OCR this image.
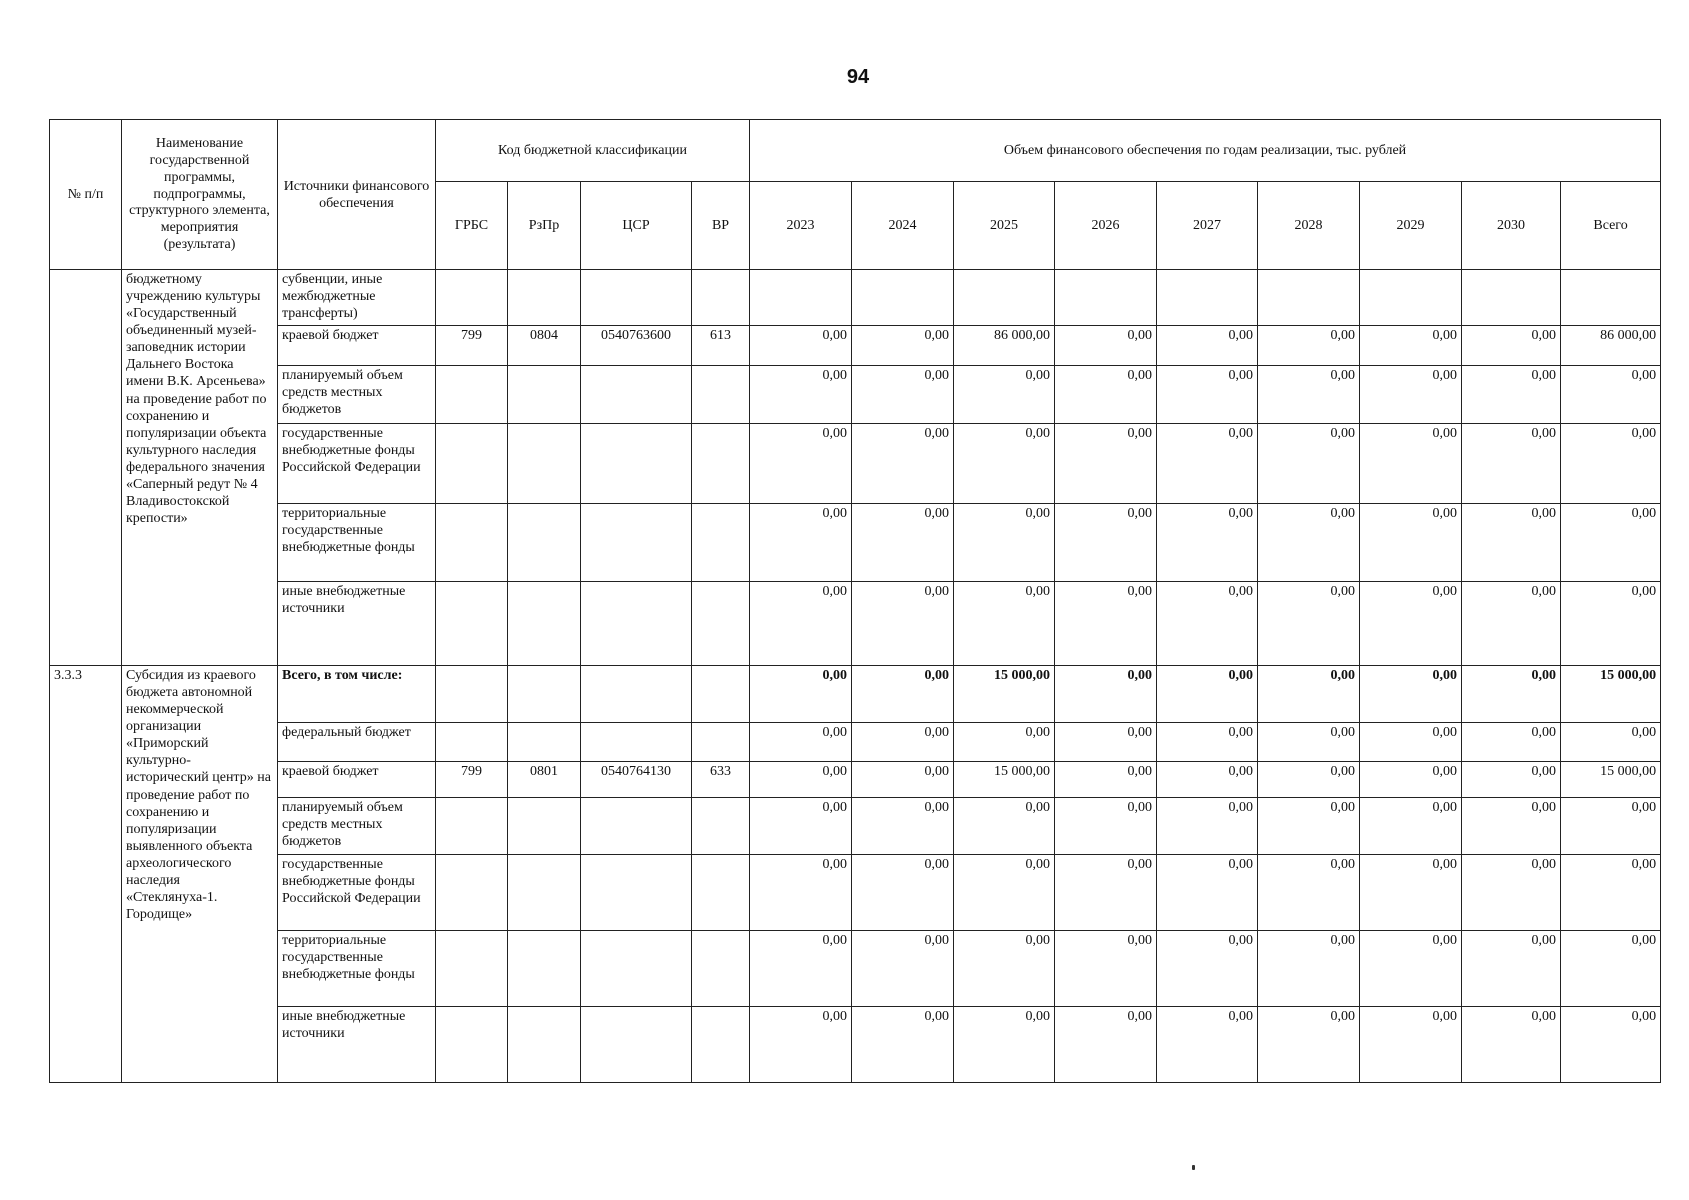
94
№ п/п	Наименование государственной программы, подпрограммы, структурного элемента, мероприятия (результата)	Источники финансового обеспечения	Код бюджетной классификации				Объем финансового обеспечения по годам реализации, тыс. рублей								
			ГРБС	РзПр	ЦСР	ВР	2023	2024	2025	2026	2027	2028	2029	2030	Всего
	бюджетному учреждению культуры «Государственный объединенный музей-заповедник истории Дальнего Востока имени В.К. Арсеньева» на проведение работ по сохранению и популяризации объекта культурного наследия федерального значения «Саперный редут № 4 Владивостокской крепости»	субвенции, иные межбюджетные трансферты)													
		краевой бюджет	799	0804	0540763600	613	0,00	0,00	86 000,00	0,00	0,00	0,00	0,00	0,00	86 000,00
		планируемый объем средств местных бюджетов					0,00	0,00	0,00	0,00	0,00	0,00	0,00	0,00	0,00
		государственные внебюджетные фонды Российской Федерации					0,00	0,00	0,00	0,00	0,00	0,00	0,00	0,00	0,00
		территориальные государственные внебюджетные фонды					0,00	0,00	0,00	0,00	0,00	0,00	0,00	0,00	0,00
		иные внебюджетные источники					0,00	0,00	0,00	0,00	0,00	0,00	0,00	0,00	0,00
3.3.3	Субсидия из краевого бюджета автономной некоммерческой организации «Приморский культурно-исторический центр» на проведение работ по сохранению и популяризации выявленного объекта археологического наследия «Стеклянуха-1. Городище»	Всего, в том числе:					0,00	0,00	15 000,00	0,00	0,00	0,00	0,00	0,00	15 000,00
		федеральный бюджет					0,00	0,00	0,00	0,00	0,00	0,00	0,00	0,00	0,00
		краевой бюджет	799	0801	0540764130	633	0,00	0,00	15 000,00	0,00	0,00	0,00	0,00	0,00	15 000,00
		планируемый объем средств местных бюджетов					0,00	0,00	0,00	0,00	0,00	0,00	0,00	0,00	0,00
		государственные внебюджетные фонды Российской Федерации					0,00	0,00	0,00	0,00	0,00	0,00	0,00	0,00	0,00
		территориальные государственные внебюджетные фонды					0,00	0,00	0,00	0,00	0,00	0,00	0,00	0,00	0,00
		иные внебюджетные источники					0,00	0,00	0,00	0,00	0,00	0,00	0,00	0,00	0,00
